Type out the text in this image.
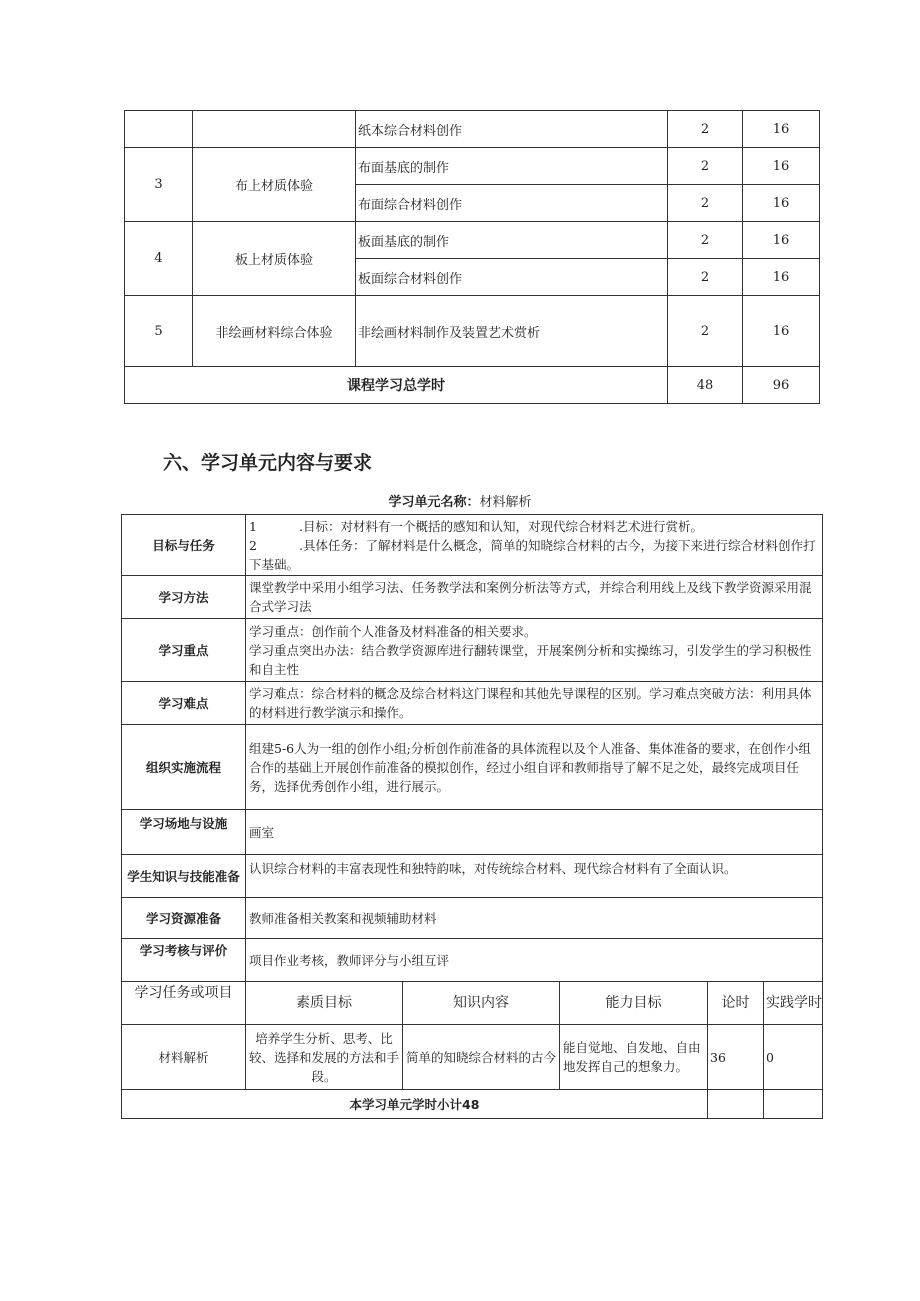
		纸本综合材料创作	2	16
3	布上材质体验	布面基底的制作	2	16
		布面综合材料创作	2	16
4	板上材质体验	板面基底的制作	2	16
		板面综合材料创作	2	16
5	非绘画材料综合体验	非绘画材料制作及装置艺术赏析	2	16
课程学习总学时			48	96
六、学习单元内容与要求
学习单元名称：材料解析
目标与任务	1 .目标：对材料有一个概括的感知和认知，对现代综合材料艺术进行赏析。
2 .具体任务：了解材料是什么概念，简单的知晓综合材料的古今，为接下来进行综合材料创作打下基础。				

学习方法	课堂教学中采用小组学习法、任务教学法和案例分析法等方式，并综合利用线上及线下教学资源采用混合式学习法				
学习重点	学习重点：创作前个人准备及材料准备的相关要求。
学习重点突出办法：结合教学资源库进行翻转课堂，开展案例分析和实操练习，引发学生的学习积极性和自主性				

学习难点	学习难点：综合材料的概念及综合材料这门课程和其他先导课程的区别。学习难点突破方法：利用具体的材料进行教学演示和操作。				
组织实施流程	组建5-6人为一组的创作小组;分析创作前准备的具体流程以及个人准备、集体准备的要求，在创作小组合作的基础上开展创作前准备的模拟创作，经过小组自评和教师指导了解不足之处，最终完成项目任务，选择优秀创作小组，进行展示。				
学习场地与设施	画室				
学生知识与技能准备	认识综合材料的丰富表现性和独特韵味，对传统综合材料、现代综合材料有了全面认识。				
学习资源准备	教师准备相关教案和视频辅助材料				
学习考核与评价	项目作业考核，教师评分与小组互评				
学习任务或项目	素质目标	知识内容	能力目标	论时	实践学时
材料解析	培养学生分析、思考、比较、选择和发展的方法和手段。	简单的知晓综合材料的古今	能自觉地、自发地、自由地发挥自己的想象力。	36	0
本学习单元学时小计48					
